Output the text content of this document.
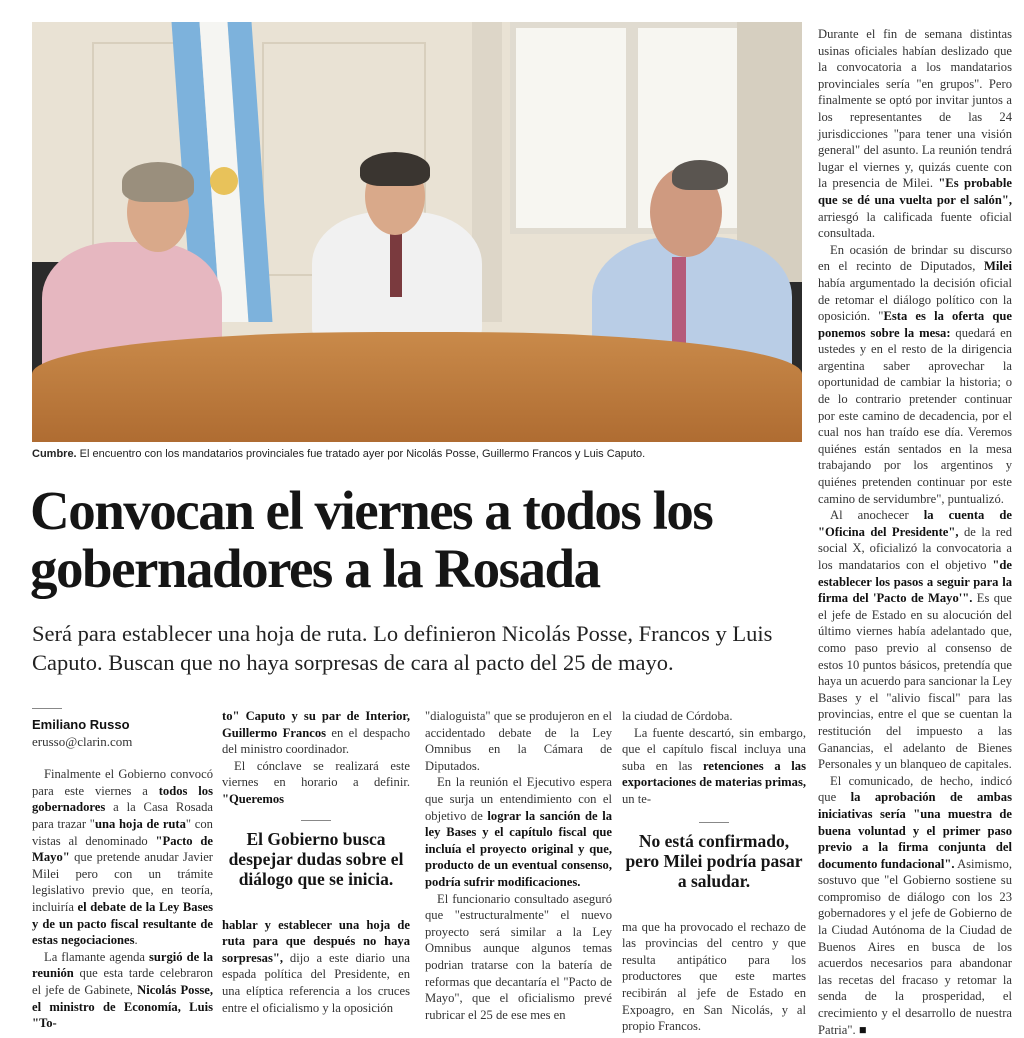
Cumbre. El encuentro con los mandatarios provinciales fue tratado ayer por Nicolás Posse, Guillermo Francos y Luis Caputo.
Convocan el viernes a todos los gobernadores a la Rosada
Será para establecer una hoja de ruta. Lo definieron Nicolás Posse, Francos y Luis Caputo. Buscan que no haya sorpresas de cara al pacto del 25 de mayo.
Emiliano Russo
erusso@clarin.com

Finalmente el Gobierno convocó para este viernes a todos los gobernadores a la Casa Rosada para trazar "una hoja de ruta" con vistas al denominado "Pacto de Mayo" que pretende anudar Javier Milei pero con un trámite legislativo previo que, en teoría, incluiría el debate de la Ley Bases y de un pacto fiscal resultante de estas negociaciones.

La flamante agenda surgió de la reunión que esta tarde celebraron el jefe de Gabinete, Nicolás Posse, el ministro de Economía, Luis "To-

to" Caputo y su par de Interior, Guillermo Francos en el despacho del ministro coordinador.

El cónclave se realizará este viernes en horario a definir. "Queremos

El Gobierno busca despejar dudas sobre el diálogo que se inicia.

hablar y establecer una hoja de ruta para que después no haya sorpresas", dijo a este diario una espada política del Presidente, en una elíptica referencia a los cruces entre el oficialismo y la oposición

"dialoguista" que se produjeron en el accidentado debate de la Ley Omnibus en la Cámara de Diputados.

En la reunión el Ejecutivo espera que surja un entendimiento con el objetivo de lograr la sanción de la ley Bases y el capítulo fiscal que incluía el proyecto original y que, producto de un eventual consenso, podría sufrir modificaciones.

El funcionario consultado aseguró que "estructuralmente" el nuevo proyecto será similar a la Ley Omnibus aunque algunos temas podrian tratarse con la batería de reformas que decantaría el "Pacto de Mayo", que el oficialismo prevé rubricar el 25 de ese mes en

la ciudad de Córdoba.

La fuente descartó, sin embargo, que el capítulo fiscal incluya una suba en las retenciones a las exportaciones de materias primas, un te-

No está confirmado, pero Milei podría pasar a saludar.

ma que ha provocado el rechazo de las provincias del centro y que resulta antipático para los productores que este martes recibirán al jefe de Estado en Expoagro, en San Nicolás, y al propio Francos.

Durante el fin de semana distintas usinas oficiales habían deslizado que la convocatoria a los mandatarios provinciales sería "en grupos". Pero finalmente se optó por invitar juntos a los representantes de las 24 jurisdicciones "para tener una visión general" del asunto. La reunión tendrá lugar el viernes y, quizás cuente con la presencia de Milei. "Es probable que se dé una vuelta por el salón", arriesgó la calificada fuente oficial consultada.

En ocasión de brindar su discurso en el recinto de Diputados, Milei había argumentado la decisión oficial de retomar el diálogo político con la oposición. "Esta es la oferta que ponemos sobre la mesa: quedará en ustedes y en el resto de la dirigencia argentina saber aprovechar la oportunidad de cambiar la historia; o de lo contrario pretender continuar por este camino de decadencia, por el cual nos han traído ese día. Veremos quiénes están sentados en la mesa trabajando por los argentinos y quiénes pretenden continuar por este camino de servidumbre", puntualizó.

Al anochecer la cuenta de "Oficina del Presidente", de la red social X, oficializó la convocatoria a los mandatarios con el objetivo "de establecer los pasos a seguir para la firma del 'Pacto de Mayo'". Es que el jefe de Estado en su alocución del último viernes había adelantado que, como paso previo al consenso de estos 10 puntos básicos, pretendía que haya un acuerdo para sancionar la Ley Bases y el "alivio fiscal" para las provincias, entre el que se cuentan la restitución del impuesto a las Ganancias, el adelanto de Bienes Personales y un blanqueo de capitales.

El comunicado, de hecho, indicó que la aprobación de ambas iniciativas sería "una muestra de buena voluntad y el primer paso previo a la firma conjunta del documento fundacional". Asimismo, sostuvo que "el Gobierno sostiene su compromiso de diálogo con los 23 gobernadores y el jefe de Gobierno de la Ciudad Autónoma de la Ciudad de Buenos Aires en busca de los acuerdos necesarios para abandonar las recetas del fracaso y retomar la senda de la prosperidad, el crecimiento y el desarrollo de nuestra Patria". ■
